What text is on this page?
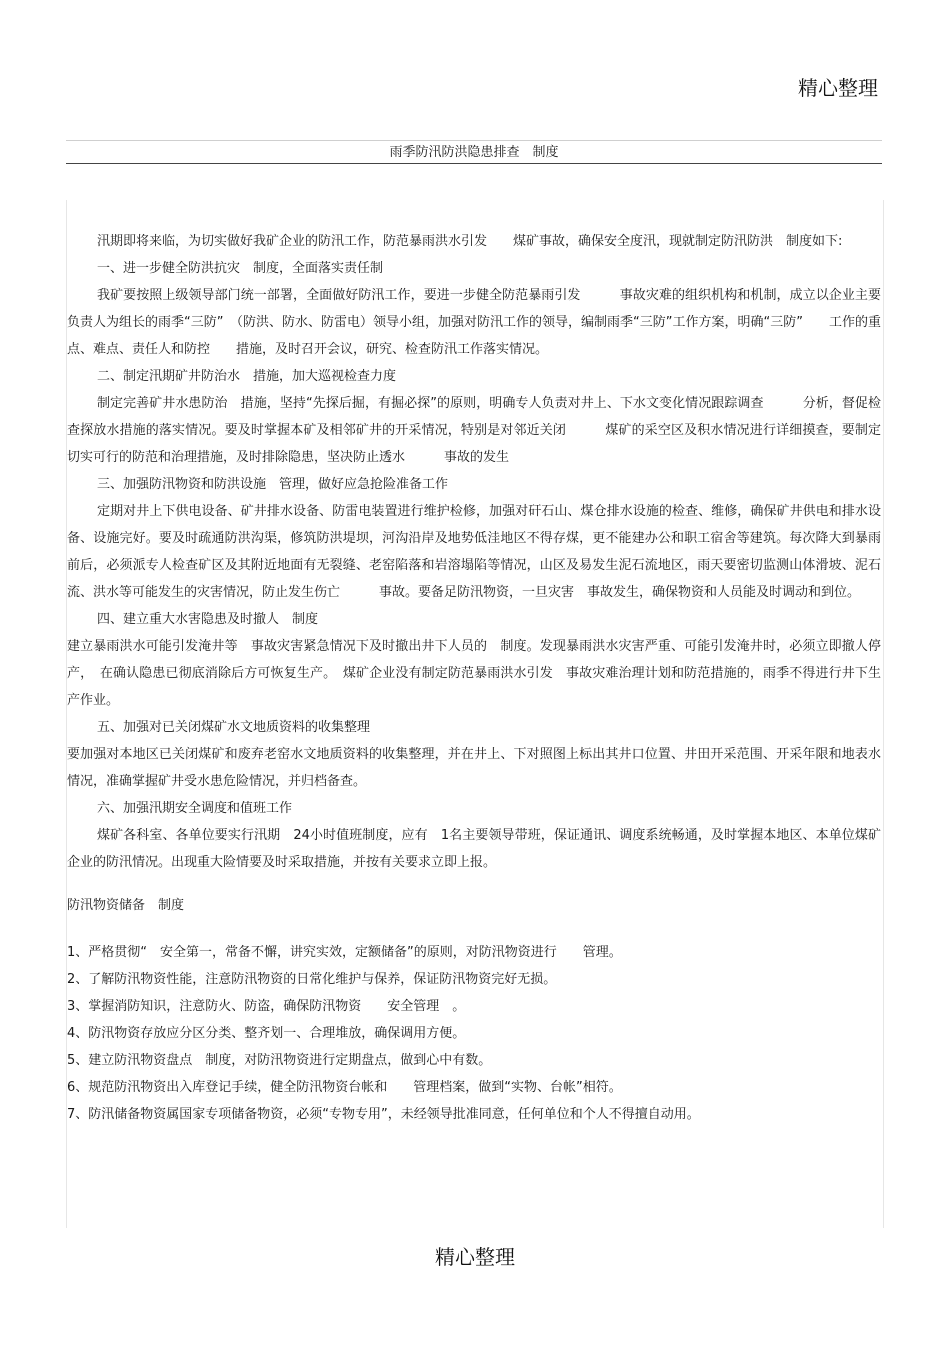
精心整理
雨季防汛防洪隐患排查　制度

汛期即将来临，为切实做好我矿企业的防汛工作，防范暴雨洪水引发　　煤矿事故，确保安全度汛，现就制定防汛防洪　制度如下:

一、进一步健全防洪抗灾　制度，全面落实责任制

我矿要按照上级领导部门统一部署，全面做好防汛工作，要进一步健全防范暴雨引发　　　事故灾难的组织机构和机制，成立以企业主要负责人为组长的雨季“三防”　（防洪、防水、防雷电）领导小组，加强对防汛工作的领导，编制雨季“三防”工作方案，明确“三防”　　工作的重点、难点、责任人和防控　　措施，及时召开会议，研究、检查防汛工作落实情况。

二、制定汛期矿井防治水　措施，加大巡视检查力度

制定完善矿井水患防治　措施，坚持“先探后掘，有掘必探”的原则，明确专人负责对井上、下水文变化情况跟踪调查　　　分析，督促检查探放水措施的落实情况。要及时掌握本矿及相邻矿井的开采情况，特别是对邻近关闭　　　煤矿的采空区及积水情况进行详细摸查，要制定切实可行的防范和治理措施，及时排除隐患，坚决防止透水　　　事故的发生

三、加强防汛物资和防洪设施　管理，做好应急抢险准备工作

定期对井上下供电设备、矿井排水设备、防雷电装置进行维护检修，加强对矸石山、煤仓排水设施的检查、维修，确保矿井供电和排水设备、设施完好。要及时疏通防洪沟渠，修筑防洪堤坝，河沟沿岸及地势低洼地区不得存煤，更不能建办公和职工宿舍等建筑。每次降大到暴雨前后，必须派专人检查矿区及其附近地面有无裂缝、老窑陷落和岩溶塌陷等情况，山区及易发生泥石流地区，雨天要密切监测山体滑坡、泥石流、洪水等可能发生的灾害情况，防止发生伤亡　　　事故。要备足防汛物资，一旦灾害　事故发生，确保物资和人员能及时调动和到位。

四、建立重大水害隐患及时撤人　制度

建立暴雨洪水可能引发淹井等　事故灾害紧急情况下及时撤出井下人员的　制度。发现暴雨洪水灾害严重、可能引发淹井时，必须立即撤人停产，　在确认隐患已彻底消除后方可恢复生产。　煤矿企业没有制定防范暴雨洪水引发　事故灾难治理计划和防范措施的，雨季不得进行井下生产作业。

五、加强对已关闭煤矿水文地质资料的收集整理

要加强对本地区已关闭煤矿和废弃老窑水文地质资料的收集整理，并在井上、下对照图上标出其井口位置、井田开采范围、开采年限和地表水情况，准确掌握矿井受水患危险情况，并归档备查。

六、加强汛期安全调度和值班工作

煤矿各科室、各单位要实行汛期　24小时值班制度，应有　1名主要领导带班，保证通讯、调度系统畅通，及时掌握本地区、本单位煤矿企业的防汛情况。出现重大险情要及时采取措施，并按有关要求立即上报。

防汛物资储备　制度

1、严格贯彻“　安全第一，常备不懈，讲究实效，定额储备”的原则，对防汛物资进行　　管理。

2、了解防汛物资性能，注意防汛物资的日常化维护与保养，保证防汛物资完好无损。

3、掌握消防知识，注意防火、防盗，确保防汛物资　　安全管理　。

4、防汛物资存放应分区分类、整齐划一、合理堆放，确保调用方便。

5、建立防汛物资盘点　制度，对防汛物资进行定期盘点，做到心中有数。

6、规范防汛物资出入库登记手续，健全防汛物资台帐和　　管理档案，做到“实物、台帐”相符。

7、防汛储备物资属国家专项储备物资，必须“专物专用”，未经领导批准同意，任何单位和个人不得擅自动用。

精心整理
